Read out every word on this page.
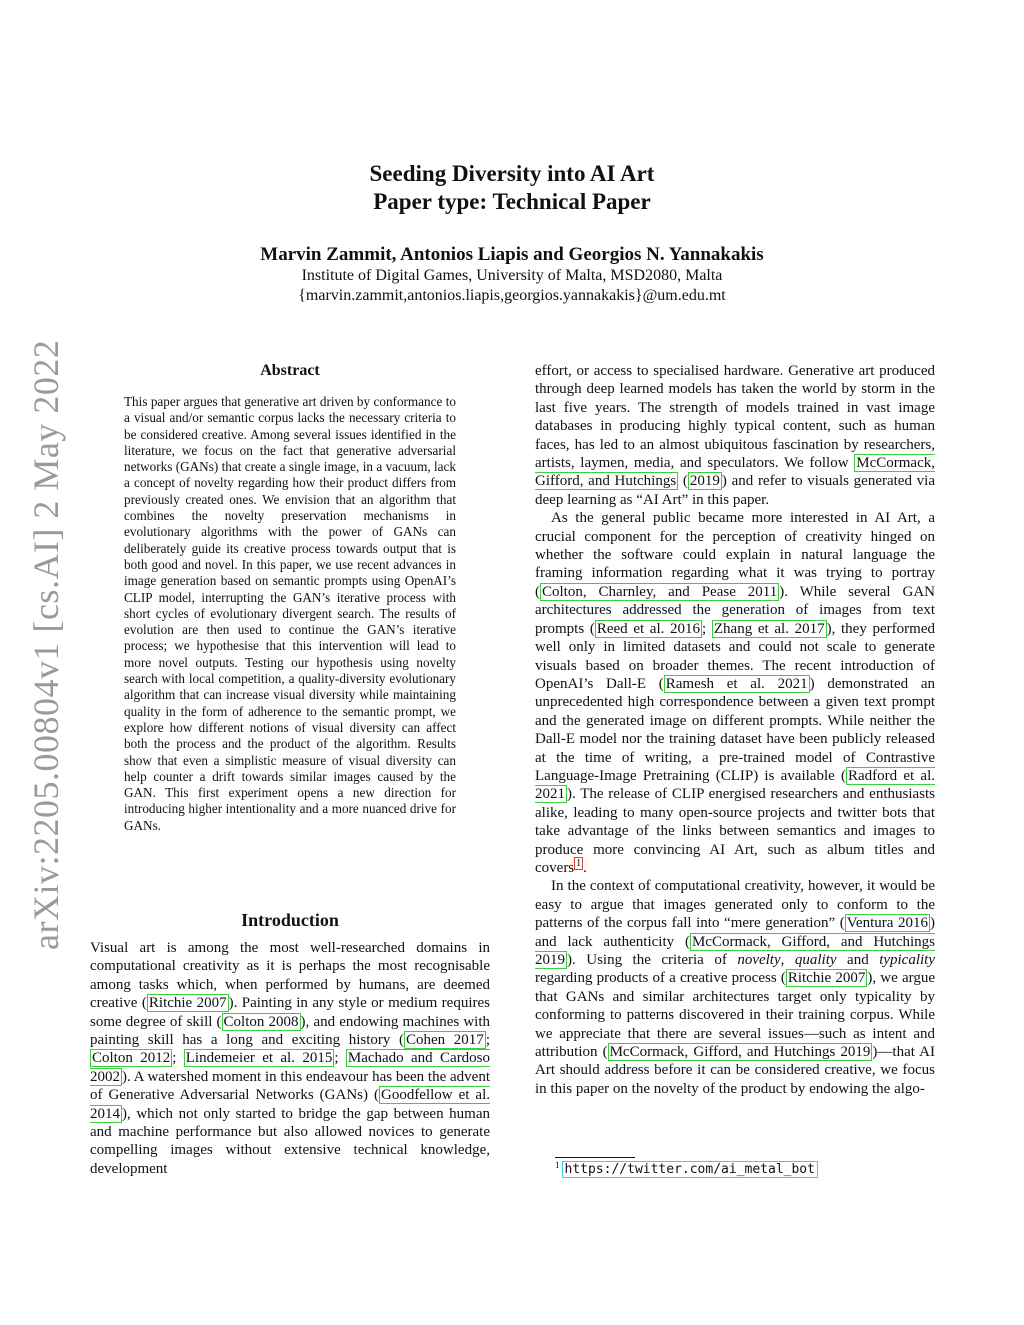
arXiv:2205.00804v1 [cs.AI] 2 May 2022
Seeding Diversity into AI Art
Paper type: Technical Paper
Marvin Zammit, Antonios Liapis and Georgios N. Yannakakis
Institute of Digital Games, University of Malta, MSD2080, Malta
{marvin.zammit,antonios.liapis,georgios.yannakakis}@um.edu.mt
Abstract

This paper argues that generative art driven by conformance to a visual and/or semantic corpus lacks the necessary criteria to be considered creative. Among several issues identified in the literature, we focus on the fact that generative adversarial networks (GANs) that create a single image, in a vacuum, lack a concept of novelty regarding how their product differs from previously created ones. We envision that an algorithm that combines the novelty preservation mechanisms in evolutionary algorithms with the power of GANs can deliberately guide its creative process towards output that is both good and novel. In this paper, we use recent advances in image generation based on semantic prompts using OpenAI’s CLIP model, interrupting the GAN’s iterative process with short cycles of evolutionary divergent search. The results of evolution are then used to continue the GAN’s iterative process; we hypothesise that this intervention will lead to more novel outputs. Testing our hypothesis using novelty search with local competition, a quality-diversity evolutionary algorithm that can increase visual diversity while maintaining quality in the form of adherence to the semantic prompt, we explore how different notions of visual diversity can affect both the process and the product of the algorithm. Results show that even a simplistic measure of visual diversity can help counter a drift towards similar images caused by the GAN. This first experiment opens a new direction for introducing higher intentionality and a more nuanced drive for GANs.

Introduction

Visual art is among the most well-researched domains in computational creativity as it is perhaps the most recognisable among tasks which, when performed by humans, are deemed creative ( Ritchie 2007 ). Painting in any style or medium requires some degree of skill ( Colton 2008 ), and endowing machines with painting skill has a long and exciting history ( Cohen 2017 ; Colton 2012 ; Lindemeier et al. 2015 ; Machado and Cardoso 2002 ). A watershed moment in this endeavour has been the advent of Generative Adversarial Networks (GANs) ( Goodfellow et al. 2014 ), which not only started to bridge the gap between human and machine performance but also allowed novices to generate compelling images without extensive technical knowledge, development

effort, or access to specialised hardware. Generative art produced through deep learned models has taken the world by storm in the last five years. The strength of models trained in vast image databases in producing highly typical content, such as human faces, has led to an almost ubiquitous fascination by researchers, artists, laymen, media, and speculators. We follow McCormack, Gifford, and Hutchings ( 2019 ) and refer to visuals generated via deep learning as “AI Art” in this paper.

As the general public became more interested in AI Art, a crucial component for the perception of creativity hinged on whether the software could explain in natural language the framing information regarding what it was trying to portray ( Colton, Charnley, and Pease 2011 ). While several GAN architectures addressed the generation of images from text prompts ( Reed et al. 2016 ; Zhang et al. 2017 ), they performed well only in limited datasets and could not scale to generate visuals based on broader themes. The recent introduction of OpenAI’s Dall-E ( Ramesh et al. 2021 ) demonstrated an unprecedented high correspondence between a given text prompt and the generated image on different prompts. While neither the Dall-E model nor the training dataset have been publicly released at the time of writing, a pre-trained model of Contrastive Language-Image Pretraining (CLIP) is available ( Radford et al. 2021 ). The release of CLIP energised researchers and enthusiasts alike, leading to many open-source projects and twitter bots that take advantage of the links between semantics and images to produce more convincing AI Art, such as album titles and covers $^1$ .

In the context of computational creativity, however, it would be easy to argue that images generated only to conform to the patterns of the corpus fall into “mere generation” ( Ventura 2016 ) and lack authenticity ( McCormack, Gifford, and Hutchings 2019 ). Using the criteria of novelty, quality and typicality regarding products of a creative process ( Ritchie 2007 ), we argue that GANs and similar architectures target only typicality by conforming to patterns discovered in their training corpus. While we appreciate that there are several issues—such as intent and attribution ( McCormack, Gifford, and Hutchings 2019 )—that AI Art should address before it can be considered creative, we focus in this paper on the novelty of the product by endowing the algo-

$^1$ https://twitter.com/ai_metal_bot
